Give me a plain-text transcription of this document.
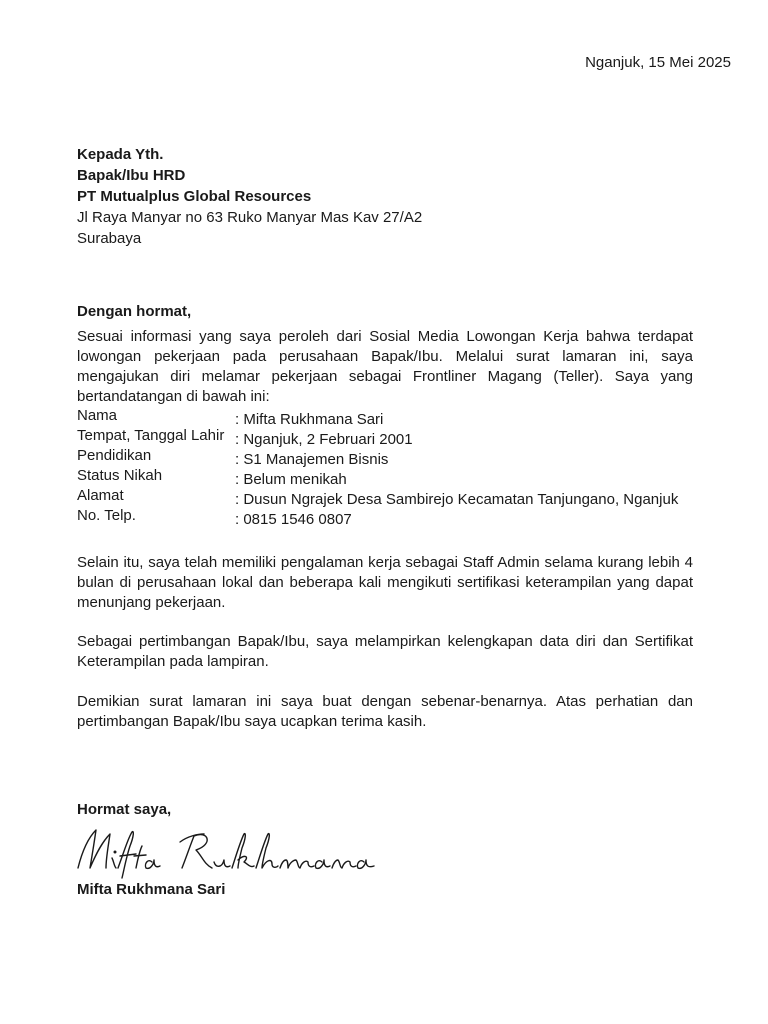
Nganjuk, 15 Mei 2025
Kepada Yth.
Bapak/Ibu HRD
PT Mutualplus Global Resources
Jl Raya Manyar no 63 Ruko Manyar Mas Kav 27/A2
Surabaya
Dengan hormat,
Sesuai informasi yang saya peroleh dari Sosial Media Lowongan Kerja bahwa terdapat lowongan pekerjaan pada perusahaan Bapak/Ibu. Melalui surat lamaran ini, saya mengajukan diri melamar pekerjaan sebagai Frontliner Magang (Teller). Saya yang bertandatangan di bawah ini:
Nama	: Mifta Rukhmana Sari
Tempat, Tanggal Lahir : Nganjuk, 2 Februari 2001
Pendidikan	: S1 Manajemen Bisnis
Status Nikah	: Belum menikah
Alamat	: Dusun Ngrajek Desa Sambirejo Kecamatan Tanjungano, Nganjuk
No. Telp.	: 0815 1546 0807
Selain itu, saya telah memiliki pengalaman kerja sebagai Staff Admin selama kurang lebih 4 bulan di perusahaan lokal dan beberapa kali mengikuti sertifikasi keterampilan yang dapat menunjang pekerjaan.
Sebagai pertimbangan Bapak/Ibu, saya melampirkan kelengkapan data diri dan Sertifikat Keterampilan pada lampiran.
Demikian surat lamaran ini saya buat dengan sebenar-benarnya. Atas perhatian dan pertimbangan Bapak/Ibu saya ucapkan terima kasih.
Hormat saya,
Mifta Rukhmana Sari
